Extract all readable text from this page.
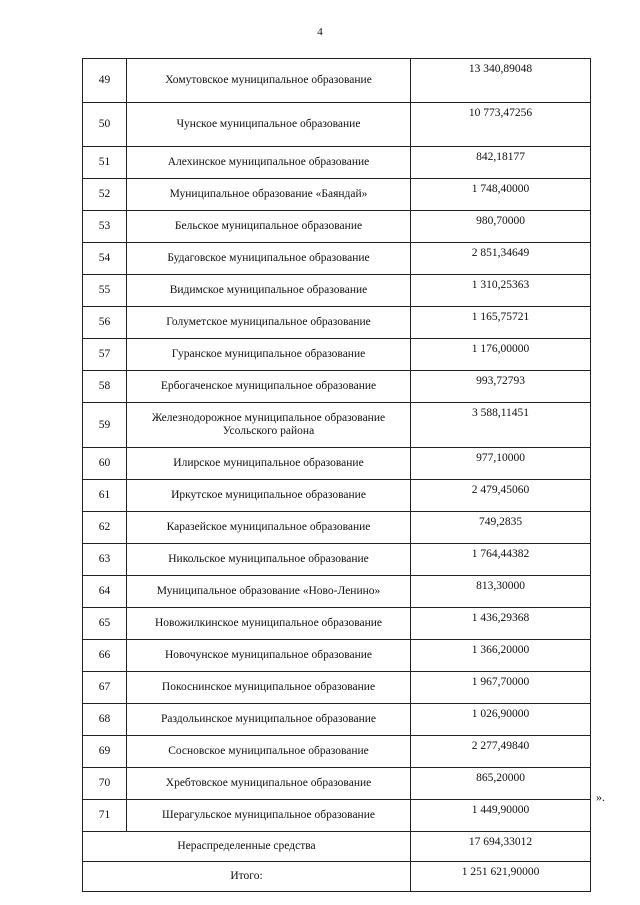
4
49	Хомутовское муниципальное образование	13 340,89048
50	Чунское муниципальное образование	10 773,47256
51	Алехинское муниципальное образование	842,18177
52	Муниципальное образование «Баяндай»	1 748,40000
53	Бельское муниципальное образование	980,70000
54	Будаговское муниципальное образование	2 851,34649
55	Видимское муниципальное образование	1 310,25363
56	Голуметское муниципальное образование	1 165,75721
57	Гуранское муниципальное образование	1 176,00000
58	Ербогаченское муниципальное образование	993,72793
59	Железнодорожное муниципальное образование Усольского района	3 588,11451
60	Илирское муниципальное образование	977,10000
61	Иркутское муниципальное образование	2 479,45060
62	Каразейское муниципальное образование	749,2835
63	Никольское муниципальное образование	1 764,44382
64	Муниципальное образование «Ново-Ленино»	813,30000
65	Новожилкинское муниципальное образование	1 436,29368
66	Новочунское муниципальное образование	1 366,20000
67	Покоснинское муниципальное образование	1 967,70000
68	Раздольинское муниципальное образование	1 026,90000
69	Сосновское муниципальное образование	2 277,49840
70	Хребтовское муниципальное образование	865,20000
71	Шерагульское муниципальное образование	1 449,90000
Нераспределенные средства		17 694,33012
Итого:		1 251 621,90000
».
